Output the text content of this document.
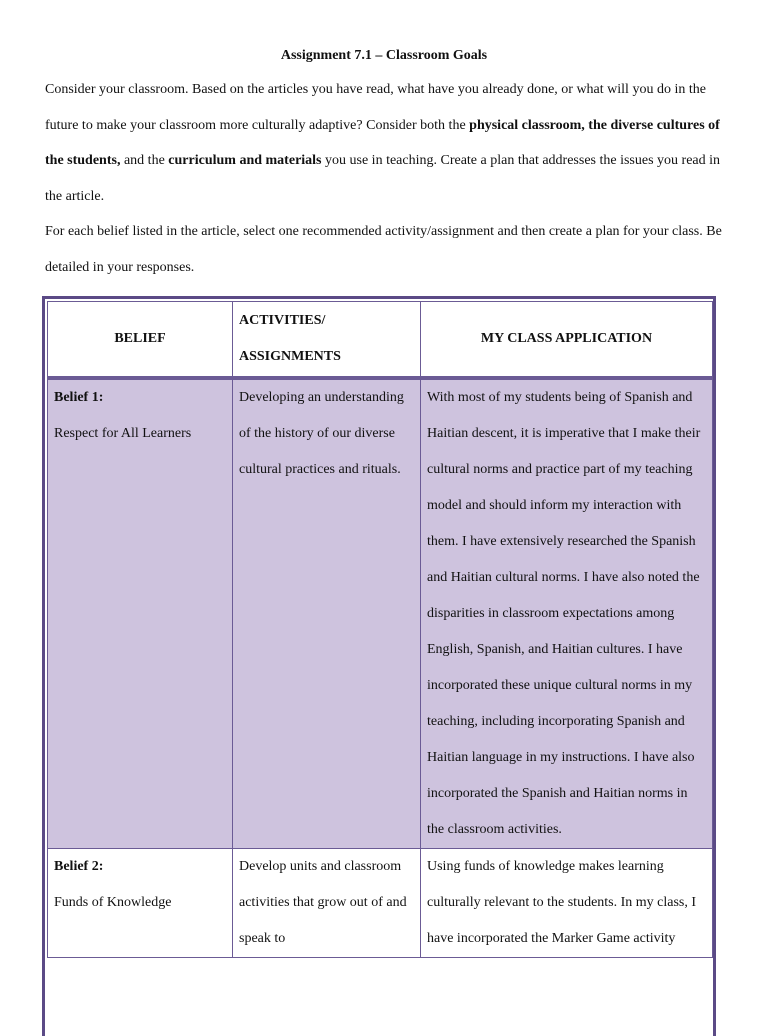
Assignment 7.1 – Classroom Goals

Consider your classroom. Based on the articles you have read, what have you already done, or what will you do in the future to make your classroom more culturally adaptive? Consider both the physical classroom, the diverse cultures of the students, and the curriculum and materials you use in teaching. Create a plan that addresses the issues you read in the article.

For each belief listed in the article, select one recommended activity/assignment and then create a plan for your class. Be detailed in your responses.

BELIEF	ACTIVITIES/ ASSIGNMENTS	MY CLASS APPLICATION

Belief 1:
Respect for All Learners	Developing an understanding of the history of our diverse cultural practices and rituals.	With most of my students being of Spanish and Haitian descent, it is imperative that I make their cultural norms and practice part of my teaching model and should inform my interaction with them. I have extensively researched the Spanish and Haitian cultural norms. I have also noted the disparities in classroom expectations among English, Spanish, and Haitian cultures. I have incorporated these unique cultural norms in my teaching, including incorporating Spanish and Haitian language in my instructions. I have also incorporated the Spanish and Haitian norms in the classroom activities.

Belief 2:
Funds of Knowledge	Develop units and classroom activities that grow out of and speak to	Using funds of knowledge makes learning culturally relevant to the students. In my class, I have incorporated the Marker Game activity
